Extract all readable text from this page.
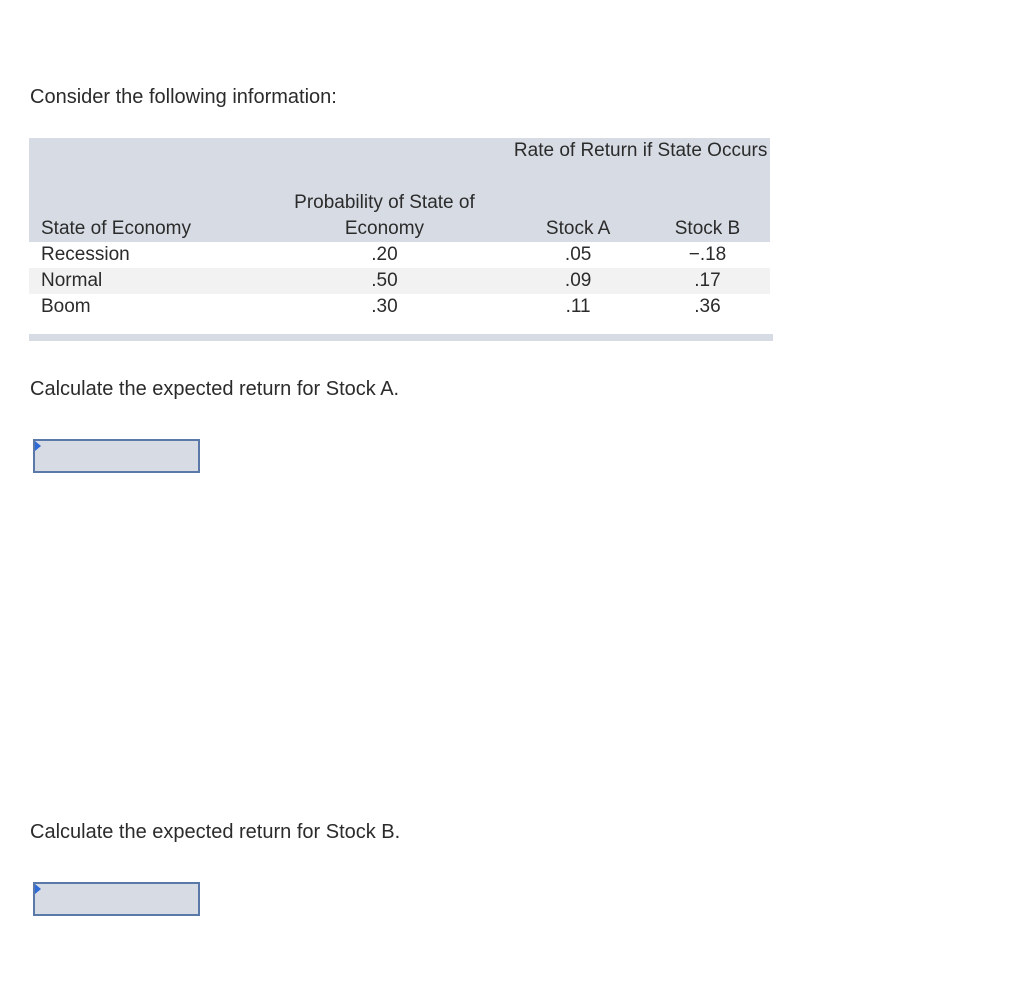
Consider the following information:

		Rate of Return if State Occurs	
	Probability of State of Economy		
State of Economy		Stock A	Stock B
Recession	.20	.05	−.18
Normal	.50	.09	.17
Boom	.30	.11	.36

Calculate the expected return for Stock A.

Calculate the expected return for Stock B.
